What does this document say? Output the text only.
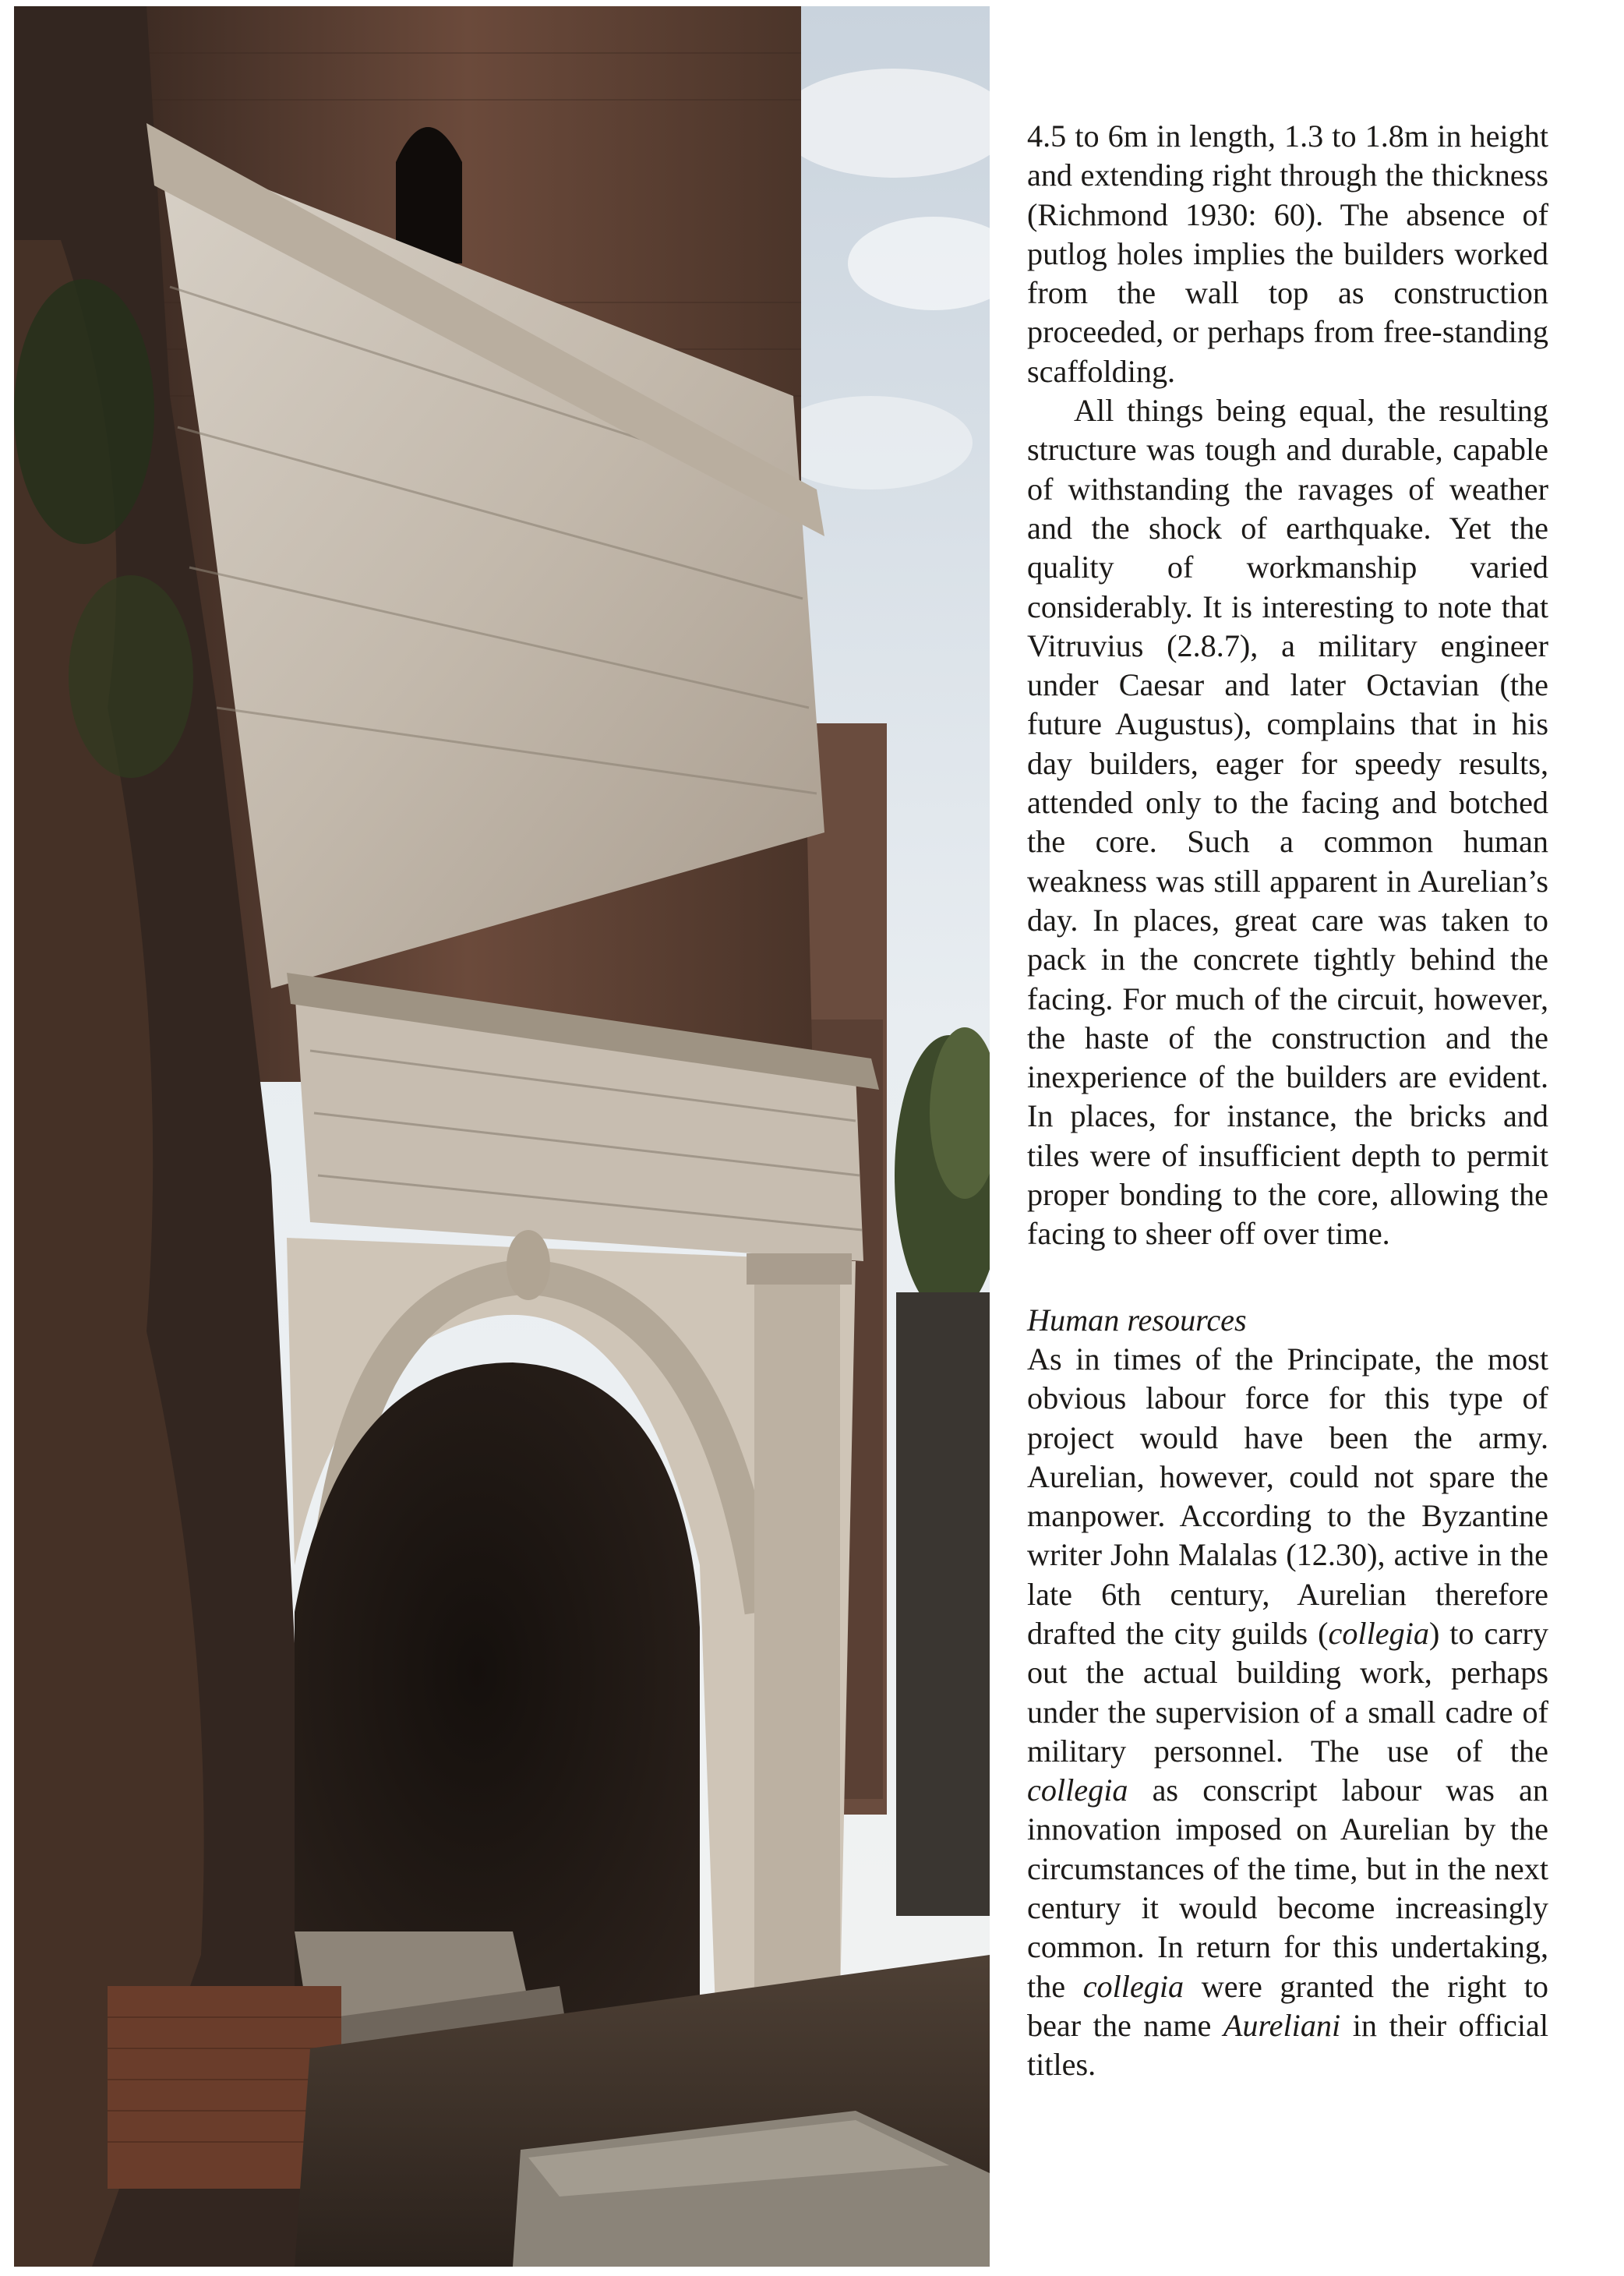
4.5 to 6m in length, 1.3 to 1.8m in height and extending right through the thickness (Richmond 1930: 60). The absence of putlog holes implies the builders worked from the wall top as construction proceeded, or perhaps from free-standing scaffolding.

All things being equal, the resulting structure was tough and durable, capable of withstanding the ravages of weather and the shock of earthquake. Yet the quality of workmanship varied considerably. It is interesting to note that Vitruvius (2.8.7), a military engineer under Caesar and later Octavian (the future Augustus), complains that in his day builders, eager for speedy results, attended only to the facing and botched the core. Such a common human weakness was still apparent in Aurelian’s day. In places, great care was taken to pack in the concrete tightly behind the facing. For much of the circuit, however, the haste of the construction and the inexperience of the builders are evident. In places, for instance, the bricks and tiles were of insufficient depth to permit proper bonding to the core, allowing the facing to sheer off over time.

Human resources

As in times of the Principate, the most obvious labour force for this type of project would have been the army. Aurelian, however, could not spare the manpower. According to the Byzantine writer John Malalas (12.30), active in the late 6th century, Aurelian therefore drafted the city guilds (collegia) to carry out the actual building work, perhaps under the supervision of a small cadre of military personnel. The use of the collegia as conscript labour was an innovation imposed on Aurelian by the circumstances of the time, but in the next century it would become increasingly common. In return for this undertaking, the collegia were granted the right to bear the name Aureliani in their official titles.
